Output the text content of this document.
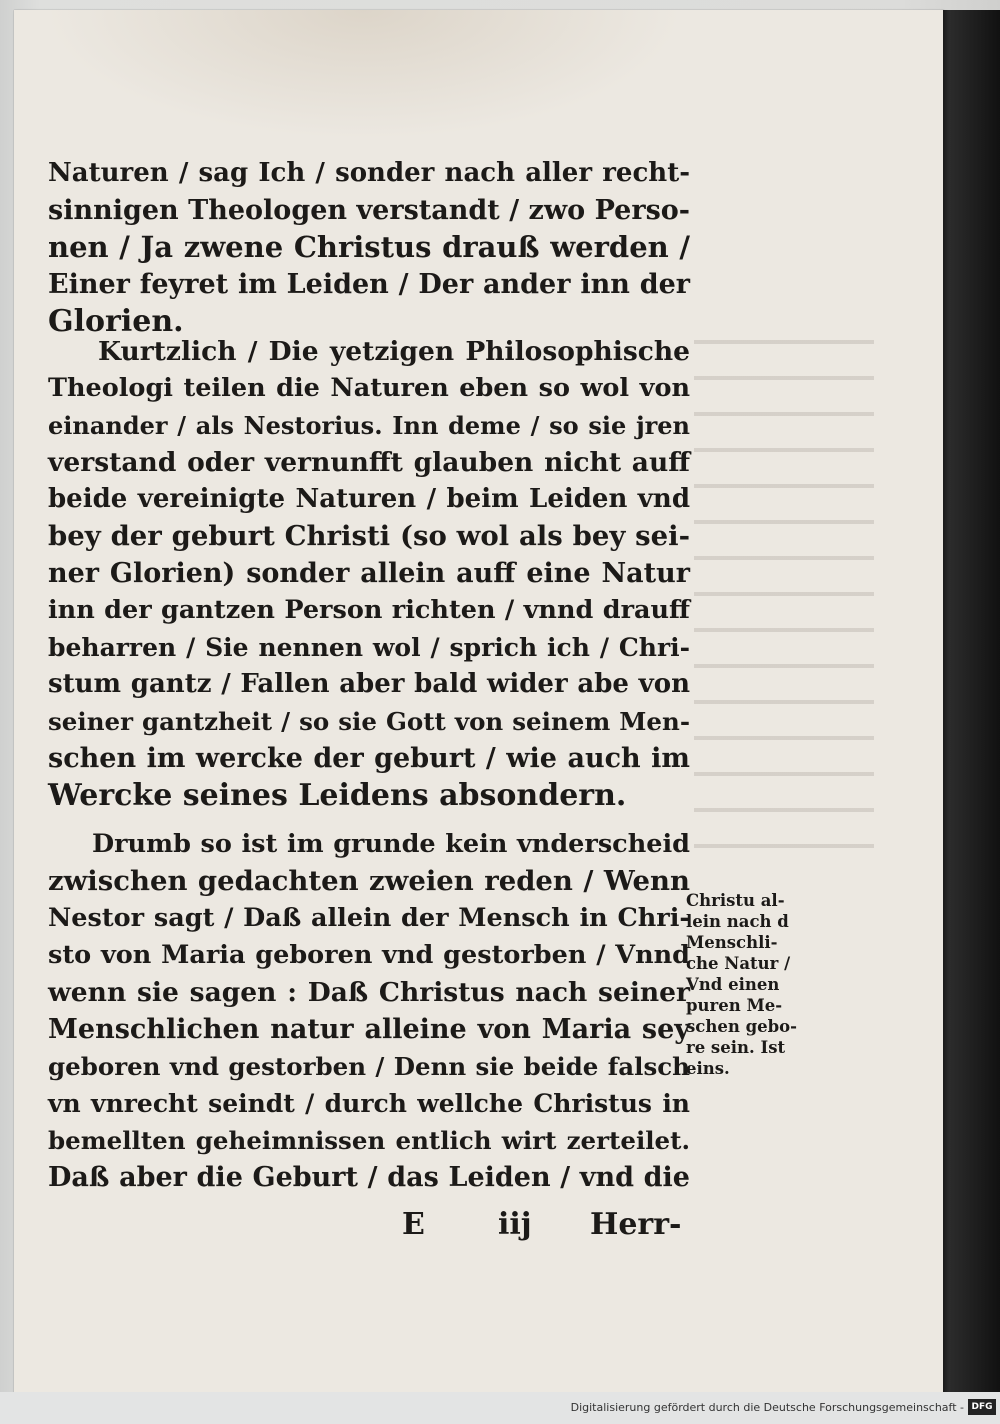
Naturen / sag Ich / sonder nach aller recht-
sinnigen Theologen verstandt / zwo Perso-
nen / Ja zwene Christus drauß werden /
Einer feyret im Leiden / Der ander inn der
Glorien.
Kurtzlich / Die yetzigen Philosophische
Theologi teilen die Naturen eben so wol von
einander / als Nestorius. Inn deme / so sie jren
verstand oder vernunfft glauben nicht auff
beide vereinigte Naturen / beim Leiden vnd
bey der geburt Christi (so wol als bey sei-
ner Glorien) sonder allein auff eine Natur
inn der gantzen Person richten / vnnd drauff
beharren / Sie nennen wol / sprich ich / Chri-
stum gantz / Fallen aber bald wider abe von
seiner gantzheit / so sie Gott von seinem Men-
schen im wercke der geburt / wie auch im
Wercke seines Leidens absondern.
Drumb so ist im grunde kein vnderscheid
zwischen gedachten zweien reden / Wenn
Nestor sagt / Daß allein der Mensch in Chri-
sto von Maria geboren vnd gestorben / Vnnd
wenn sie sagen : Daß Christus nach seiner
Menschlichen natur alleine von Maria sey
geboren vnd gestorben / Denn sie beide falsch
vn vnrecht seindt / durch wellche Christus in
bemellten geheimnissen entlich wirt zerteilet.
Daß aber die Geburt / das Leiden / vnd die
Christu al-
lein nach d
Menschli-
che Natur /
Vnd einen
puren Me-
schen gebo-
re sein. Ist
eins.
E iij Herr-
Digitalisierung gefördert durch die Deutsche Forschungsgemeinschaft - DFG
